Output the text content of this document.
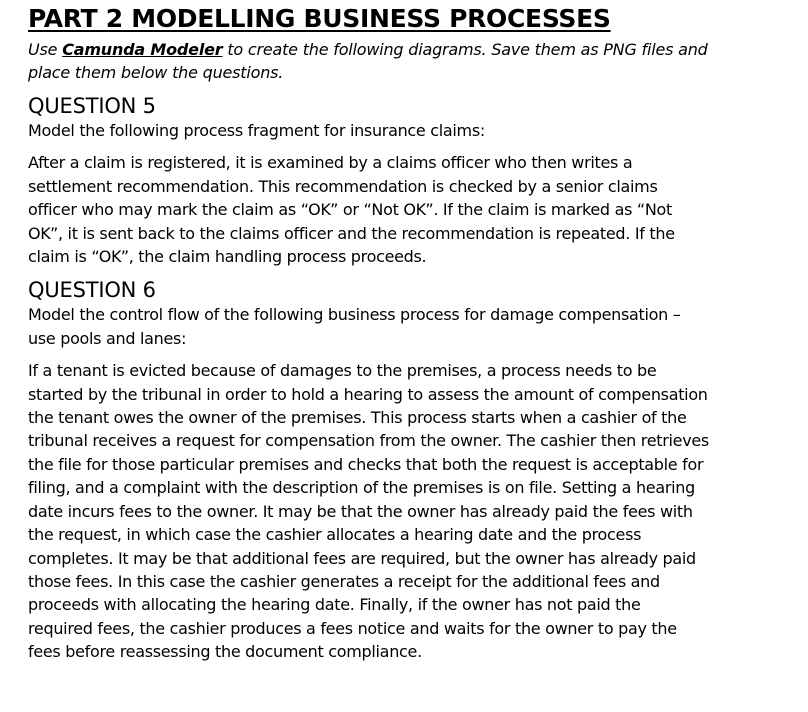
PART 2 MODELLING BUSINESS PROCESSES

Use Camunda Modeler to create the following diagrams. Save them as PNG files and
place them below the questions.

QUESTION 5

Model the following process fragment for insurance claims:

After a claim is registered, it is examined by a claims officer who then writes a
settlement recommendation. This recommendation is checked by a senior claims
officer who may mark the claim as “OK” or “Not OK”. If the claim is marked as “Not
OK”, it is sent back to the claims officer and the recommendation is repeated. If the
claim is “OK”, the claim handling process proceeds.

QUESTION 6

Model the control flow of the following business process for damage compensation –
use pools and lanes:

If a tenant is evicted because of damages to the premises, a process needs to be
started by the tribunal in order to hold a hearing to assess the amount of compensation
the tenant owes the owner of the premises. This process starts when a cashier of the
tribunal receives a request for compensation from the owner. The cashier then retrieves
the file for those particular premises and checks that both the request is acceptable for
filing, and a complaint with the description of the premises is on file. Setting a hearing
date incurs fees to the owner. It may be that the owner has already paid the fees with
the request, in which case the cashier allocates a hearing date and the process
completes. It may be that additional fees are required, but the owner has already paid
those fees. In this case the cashier generates a receipt for the additional fees and
proceeds with allocating the hearing date. Finally, if the owner has not paid the
required fees, the cashier produces a fees notice and waits for the owner to pay the
fees before reassessing the document compliance.
